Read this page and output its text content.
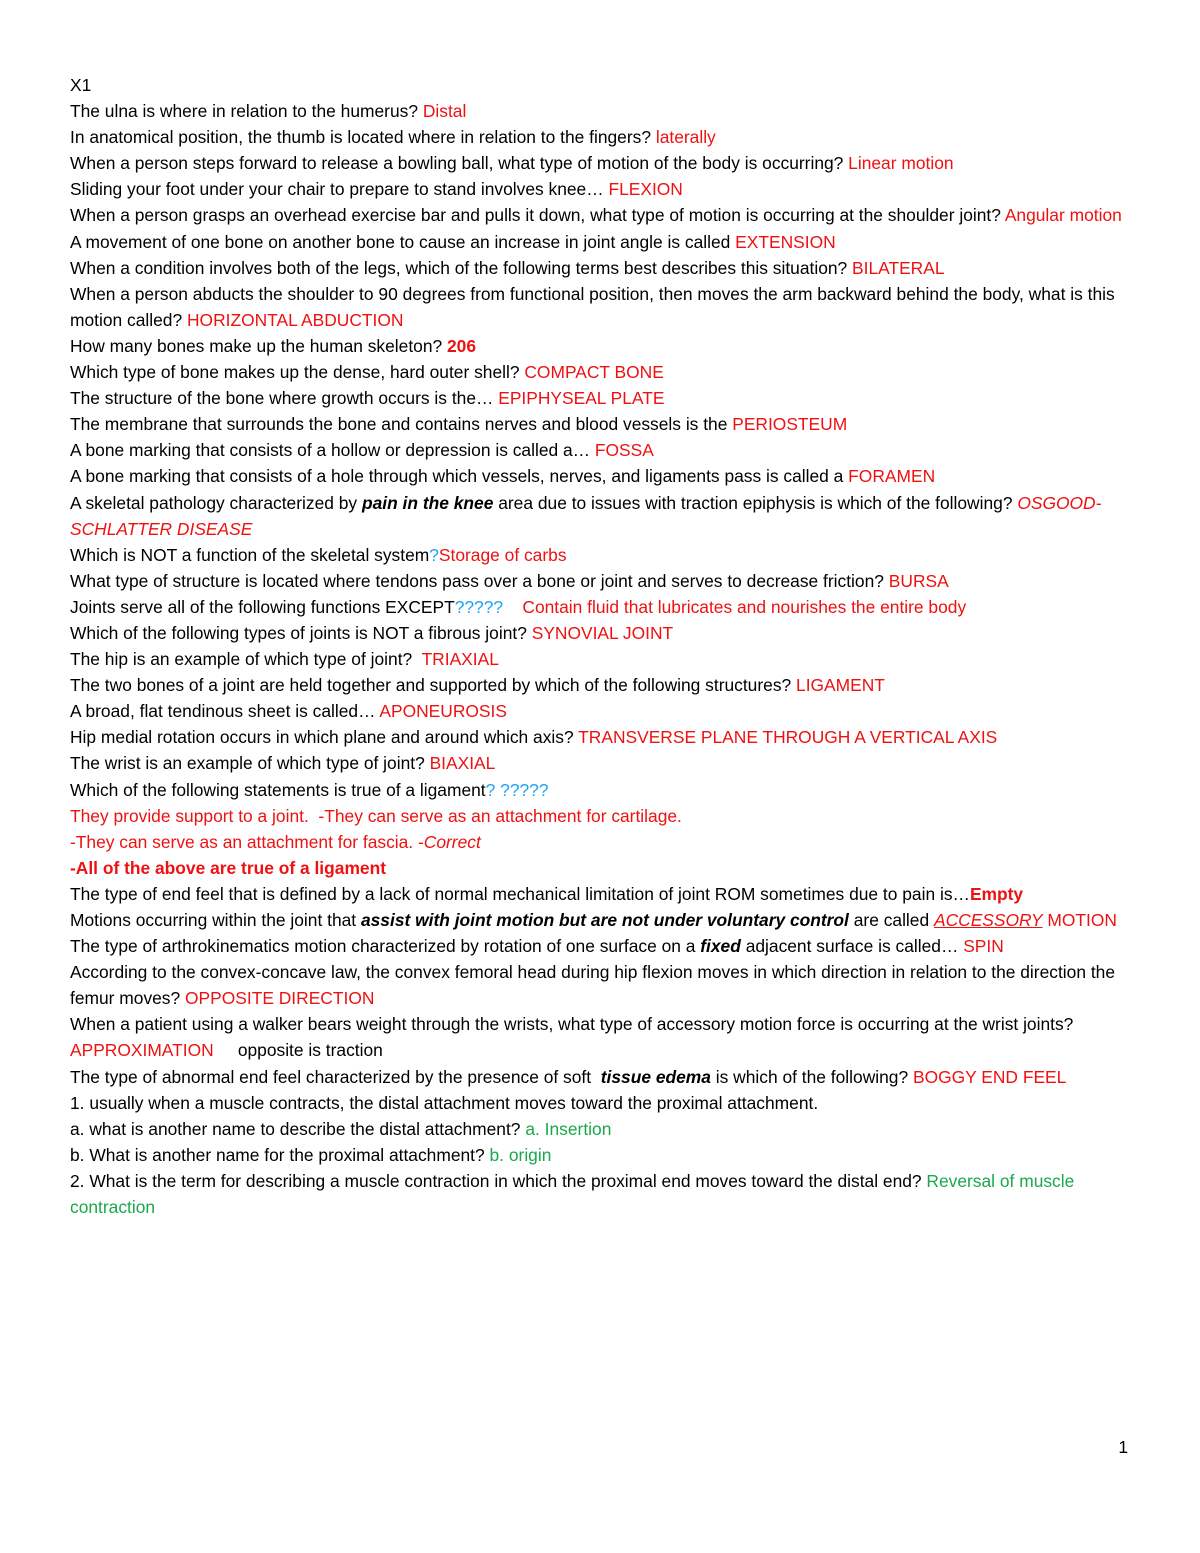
X1
The ulna is where in relation to the humerus? Distal
In anatomical position, the thumb is located where in relation to the fingers? laterally
When a person steps forward to release a bowling ball, what type of motion of the body is occurring? Linear motion
Sliding your foot under your chair to prepare to stand involves knee… FLEXION
When a person grasps an overhead exercise bar and pulls it down, what type of motion is occurring at the shoulder joint? Angular motion
A movement of one bone on another bone to cause an increase in joint angle is called EXTENSION
When a condition involves both of the legs, which of the following terms best describes this situation? BILATERAL
When a person abducts the shoulder to 90 degrees from functional position, then moves the arm backward behind the body, what is this motion called? HORIZONTAL ABDUCTION
How many bones make up the human skeleton? 206
Which type of bone makes up the dense, hard outer shell? COMPACT BONE
The structure of the bone where growth occurs is the… EPIPHYSEAL PLATE
The membrane that surrounds the bone and contains nerves and blood vessels is the PERIOSTEUM
A bone marking that consists of a hollow or depression is called a… FOSSA
A bone marking that consists of a hole through which vessels, nerves, and ligaments pass is called a FORAMEN
A skeletal pathology characterized by pain in the knee area due to issues with traction epiphysis is which of the following? OSGOOD-SCHLATTER DISEASE
Which is NOT a function of the skeletal system?Storage of carbs
What type of structure is located where tendons pass over a bone or joint and serves to decrease friction? BURSA
Joints serve all of the following functions EXCEPT?????    Contain fluid that lubricates and nourishes the entire body
Which of the following types of joints is NOT a fibrous joint? SYNOVIAL JOINT
The hip is an example of which type of joint?  TRIAXIAL
The two bones of a joint are held together and supported by which of the following structures? LIGAMENT
A broad, flat tendinous sheet is called… APONEUROSIS
Hip medial rotation occurs in which plane and around which axis? TRANSVERSE PLANE THROUGH A VERTICAL AXIS
The wrist is an example of which type of joint? BIAXIAL
Which of the following statements is true of a ligament? ?????
They provide support to a joint.  -They can serve as an attachment for cartilage.
-They can serve as an attachment for fascia. -Correct
-All of the above are true of a ligament
The type of end feel that is defined by a lack of normal mechanical limitation of joint ROM sometimes due to pain is…Empty
Motions occurring within the joint that assist with joint motion but are not under voluntary control are called ACCESSORY MOTION
The type of arthrokinematics motion characterized by rotation of one surface on a fixed adjacent surface is called… SPIN
According to the convex-concave law, the convex femoral head during hip flexion moves in which direction in relation to the direction the femur moves? OPPOSITE DIRECTION
When a patient using a walker bears weight through the wrists, what type of accessory motion force is occurring at the wrist joints? APPROXIMATION     opposite is traction
The type of abnormal end feel characterized by the presence of soft  tissue edema is which of the following? BOGGY END FEEL
1. usually when a muscle contracts, the distal attachment moves toward the proximal attachment.
a. what is another name to describe the distal attachment? a. Insertion
b. What is another name for the proximal attachment? b. origin
2. What is the term for describing a muscle contraction in which the proximal end moves toward the distal end? Reversal of muscle contraction
1
